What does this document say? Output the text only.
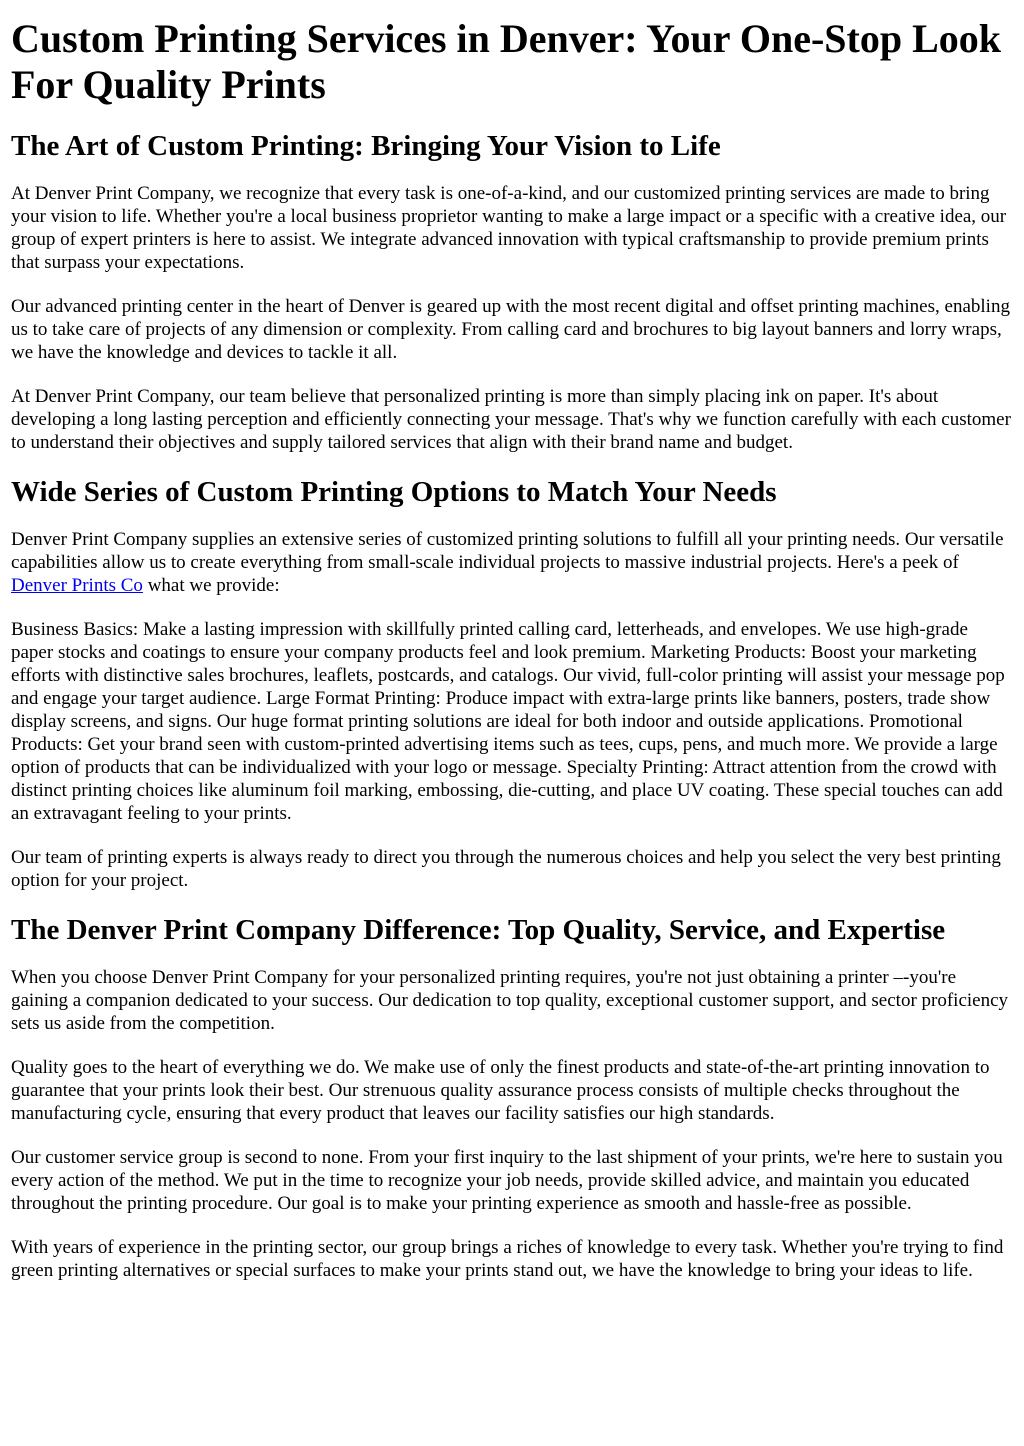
Custom Printing Services in Denver: Your One-Stop Look For Quality Prints
The Art of Custom Printing: Bringing Your Vision to Life

At Denver Print Company, we recognize that every task is one-of-a-kind, and our customized printing services are made to bring your vision to life. Whether you're a local business proprietor wanting to make a large impact or a specific with a creative idea, our group of expert printers is here to assist. We integrate advanced innovation with typical craftsmanship to provide premium prints that surpass your expectations.

Our advanced printing center in the heart of Denver is geared up with the most recent digital and offset printing machines, enabling us to take care of projects of any dimension or complexity. From calling card and brochures to big layout banners and lorry wraps, we have the knowledge and devices to tackle it all.

At Denver Print Company, our team believe that personalized printing is more than simply placing ink on paper. It's about developing a long lasting perception and efficiently connecting your message. That's why we function carefully with each customer to understand their objectives and supply tailored services that align with their brand name and budget.

Wide Series of Custom Printing Options to Match Your Needs

Denver Print Company supplies an extensive series of customized printing solutions to fulfill all your printing needs. Our versatile capabilities allow us to create everything from small-scale individual projects to massive industrial projects. Here's a peek of Denver Prints Co what we provide:

Business Basics: Make a lasting impression with skillfully printed calling card, letterheads, and envelopes. We use high-grade paper stocks and coatings to ensure your company products feel and look premium. Marketing Products: Boost your marketing efforts with distinctive sales brochures, leaflets, postcards, and catalogs. Our vivid, full-color printing will assist your message pop and engage your target audience. Large Format Printing: Produce impact with extra-large prints like banners, posters, trade show display screens, and signs. Our huge format printing solutions are ideal for both indoor and outside applications. Promotional Products: Get your brand seen with custom-printed advertising items such as tees, cups, pens, and much more. We provide a large option of products that can be individualized with your logo or message. Specialty Printing: Attract attention from the crowd with distinct printing choices like aluminum foil marking, embossing, die-cutting, and place UV coating. These special touches can add an extravagant feeling to your prints.

Our team of printing experts is always ready to direct you through the numerous choices and help you select the very best printing option for your project.

The Denver Print Company Difference: Top Quality, Service, and Expertise

When you choose Denver Print Company for your personalized printing requires, you're not just obtaining a printer –-you're gaining a companion dedicated to your success. Our dedication to top quality, exceptional customer support, and sector proficiency sets us aside from the competition.

Quality goes to the heart of everything we do. We make use of only the finest products and state-of-the-art printing innovation to guarantee that your prints look their best. Our strenuous quality assurance process consists of multiple checks throughout the manufacturing cycle, ensuring that every product that leaves our facility satisfies our high standards.

Our customer service group is second to none. From your first inquiry to the last shipment of your prints, we're here to sustain you every action of the method. We put in the time to recognize your job needs, provide skilled advice, and maintain you educated throughout the printing procedure. Our goal is to make your printing experience as smooth and hassle-free as possible.

With years of experience in the printing sector, our group brings a riches of knowledge to every task. Whether you're trying to find green printing alternatives or special surfaces to make your prints stand out, we have the knowledge to bring your ideas to life.
